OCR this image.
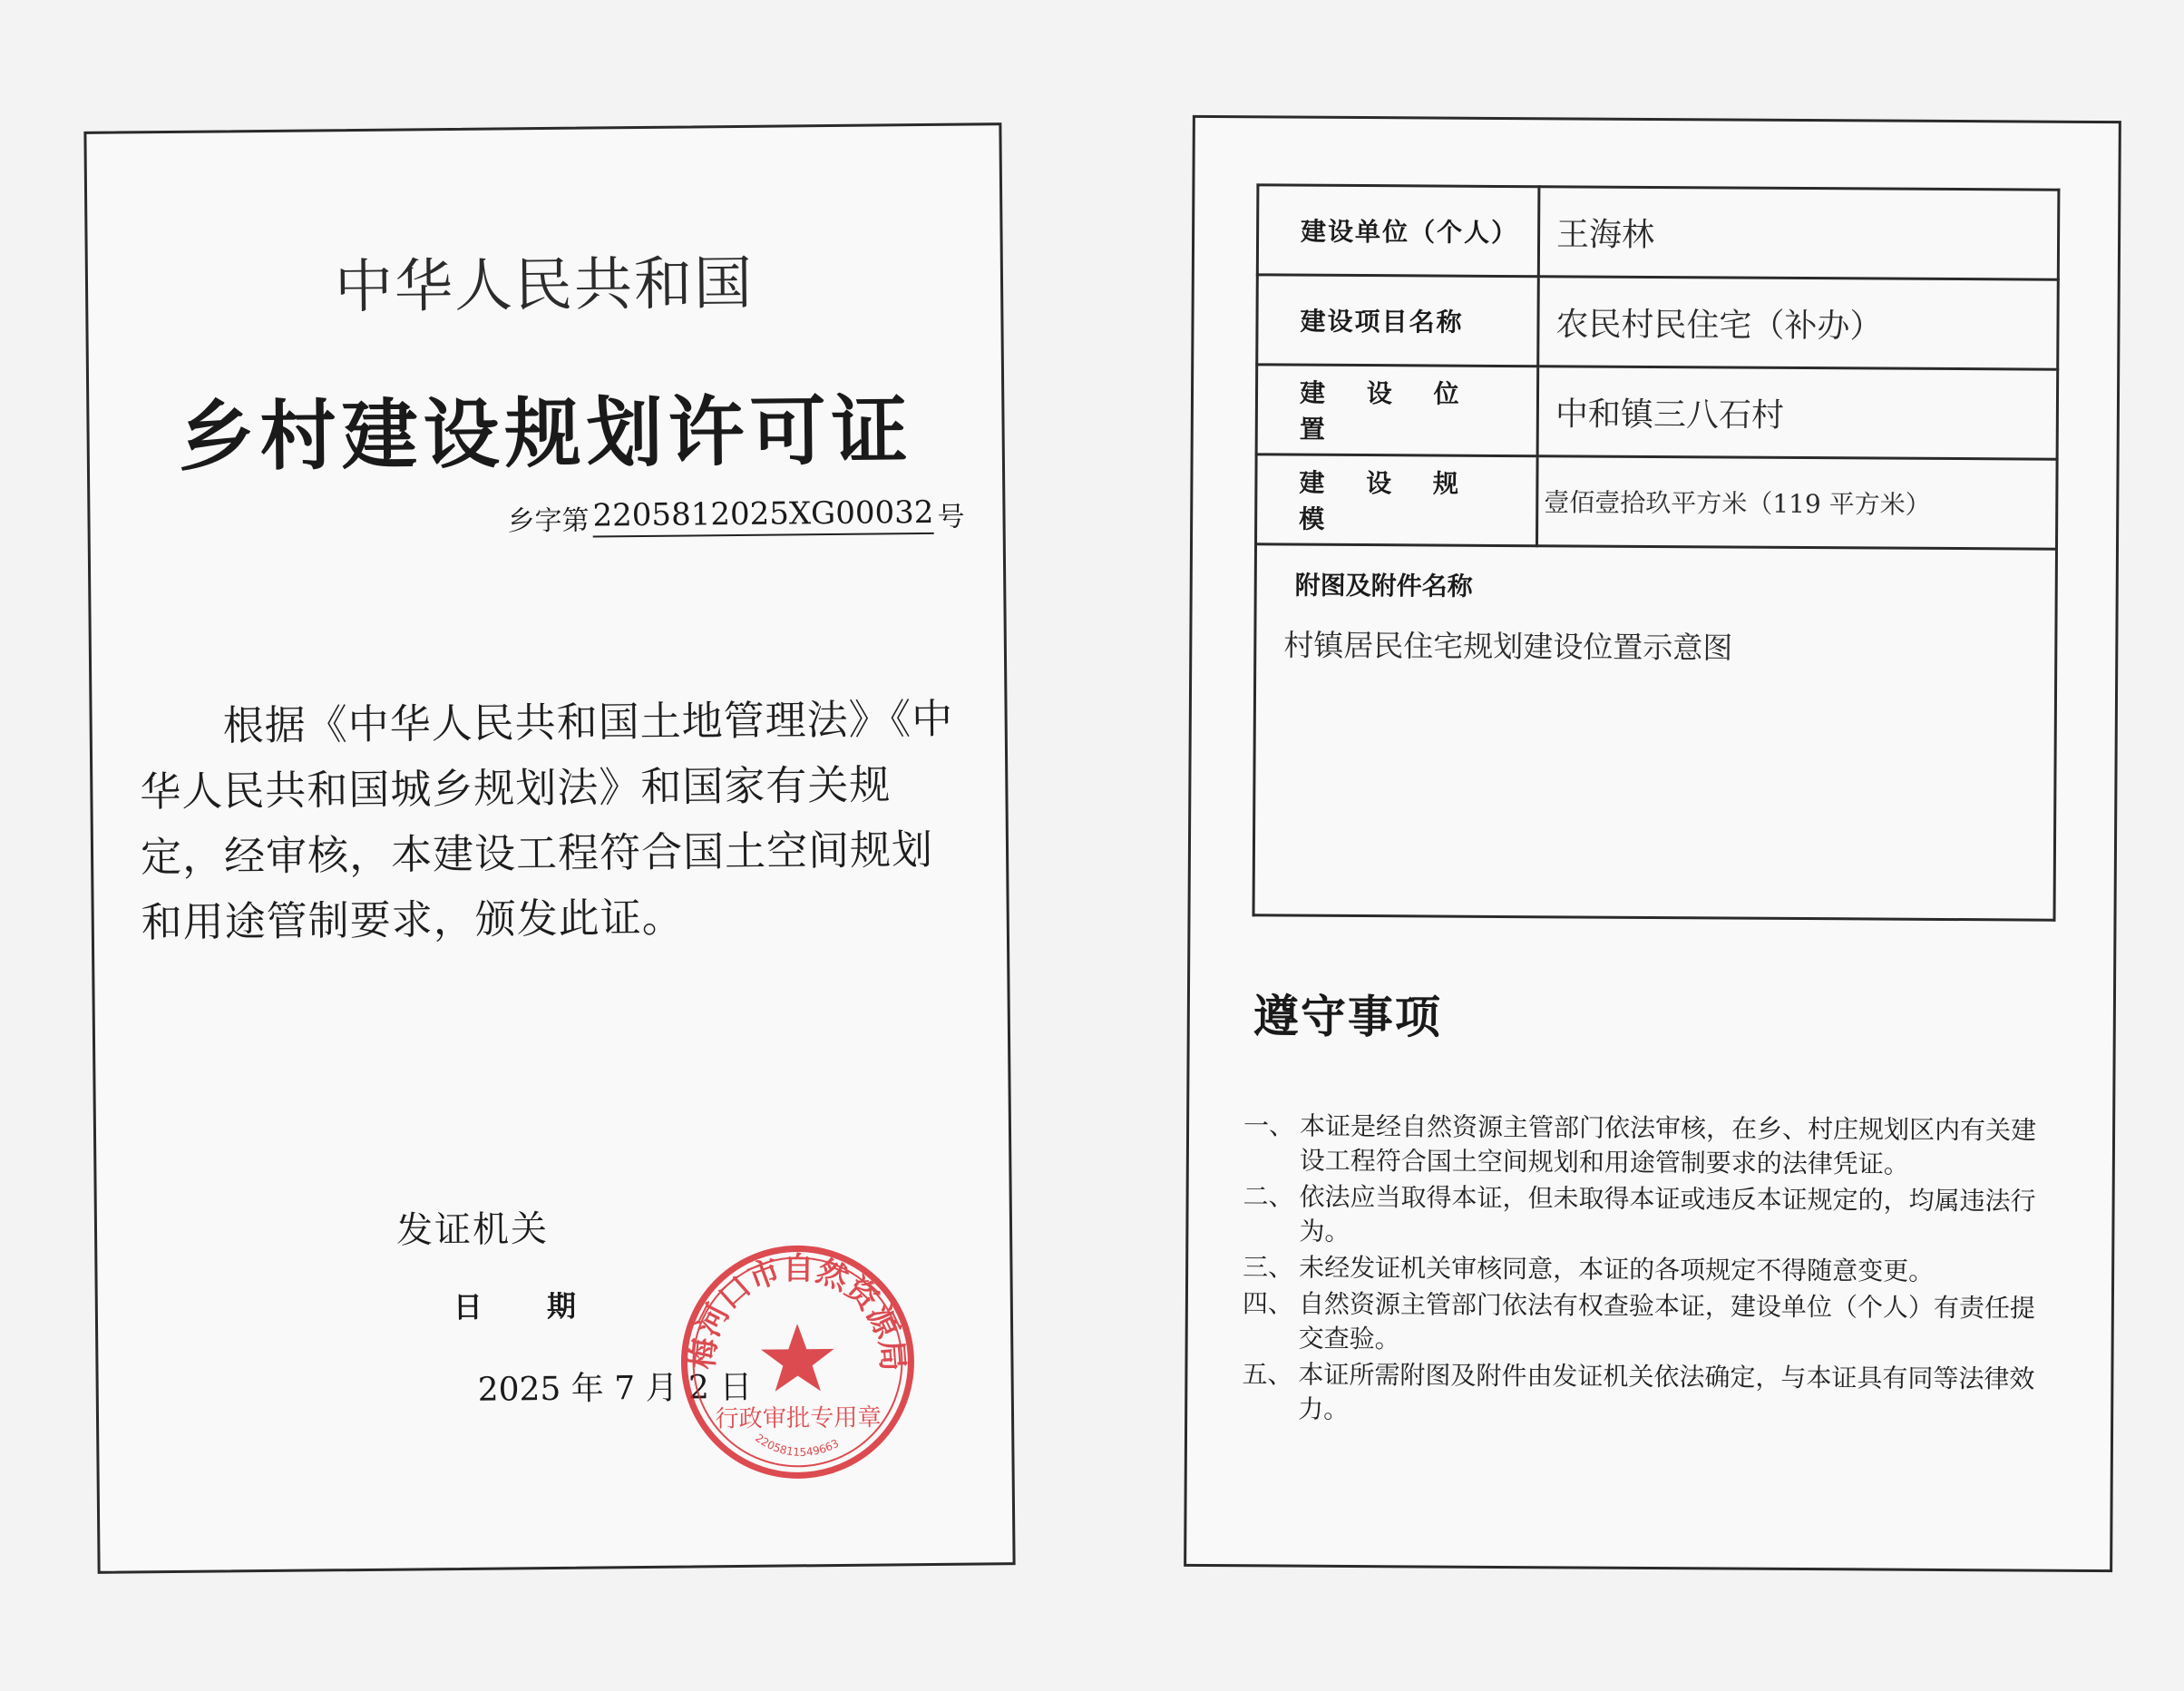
中华人民共和国
乡村建设规划许可证
乡字第 2205812025XG00032 号
根据《中华人民共和国土地管理法》《中华人民共和国城乡规划法》和国家有关规定，经审核，本建设工程符合国土空间规划和用途管制要求，颁发此证。
发证机关
日 期
2025 年 7 月 2 日
梅河口市自然资源局
行政审批专用章
2205811549663
建设单位（个人）	王海林
建设项目名称	农民村民住宅（补办）
建 设 位 置	中和镇三八石村
建 设 规 模	壹佰壹拾玖平方米（119 平方米）

附图及附件名称
村镇居民住宅规划建设位置示意图	
遵守事项
一、 本证是经自然资源主管部门依法审核，在乡、村庄规划区内有关建设工程符合国土空间规划和用途管制要求的法律凭证。
二、 依法应当取得本证，但未取得本证或违反本证规定的，均属违法行为。
三、 未经发证机关审核同意，本证的各项规定不得随意变更。
四、 自然资源主管部门依法有权查验本证，建设单位（个人）有责任提交查验。
五、 本证所需附图及附件由发证机关依法确定，与本证具有同等法律效力。
